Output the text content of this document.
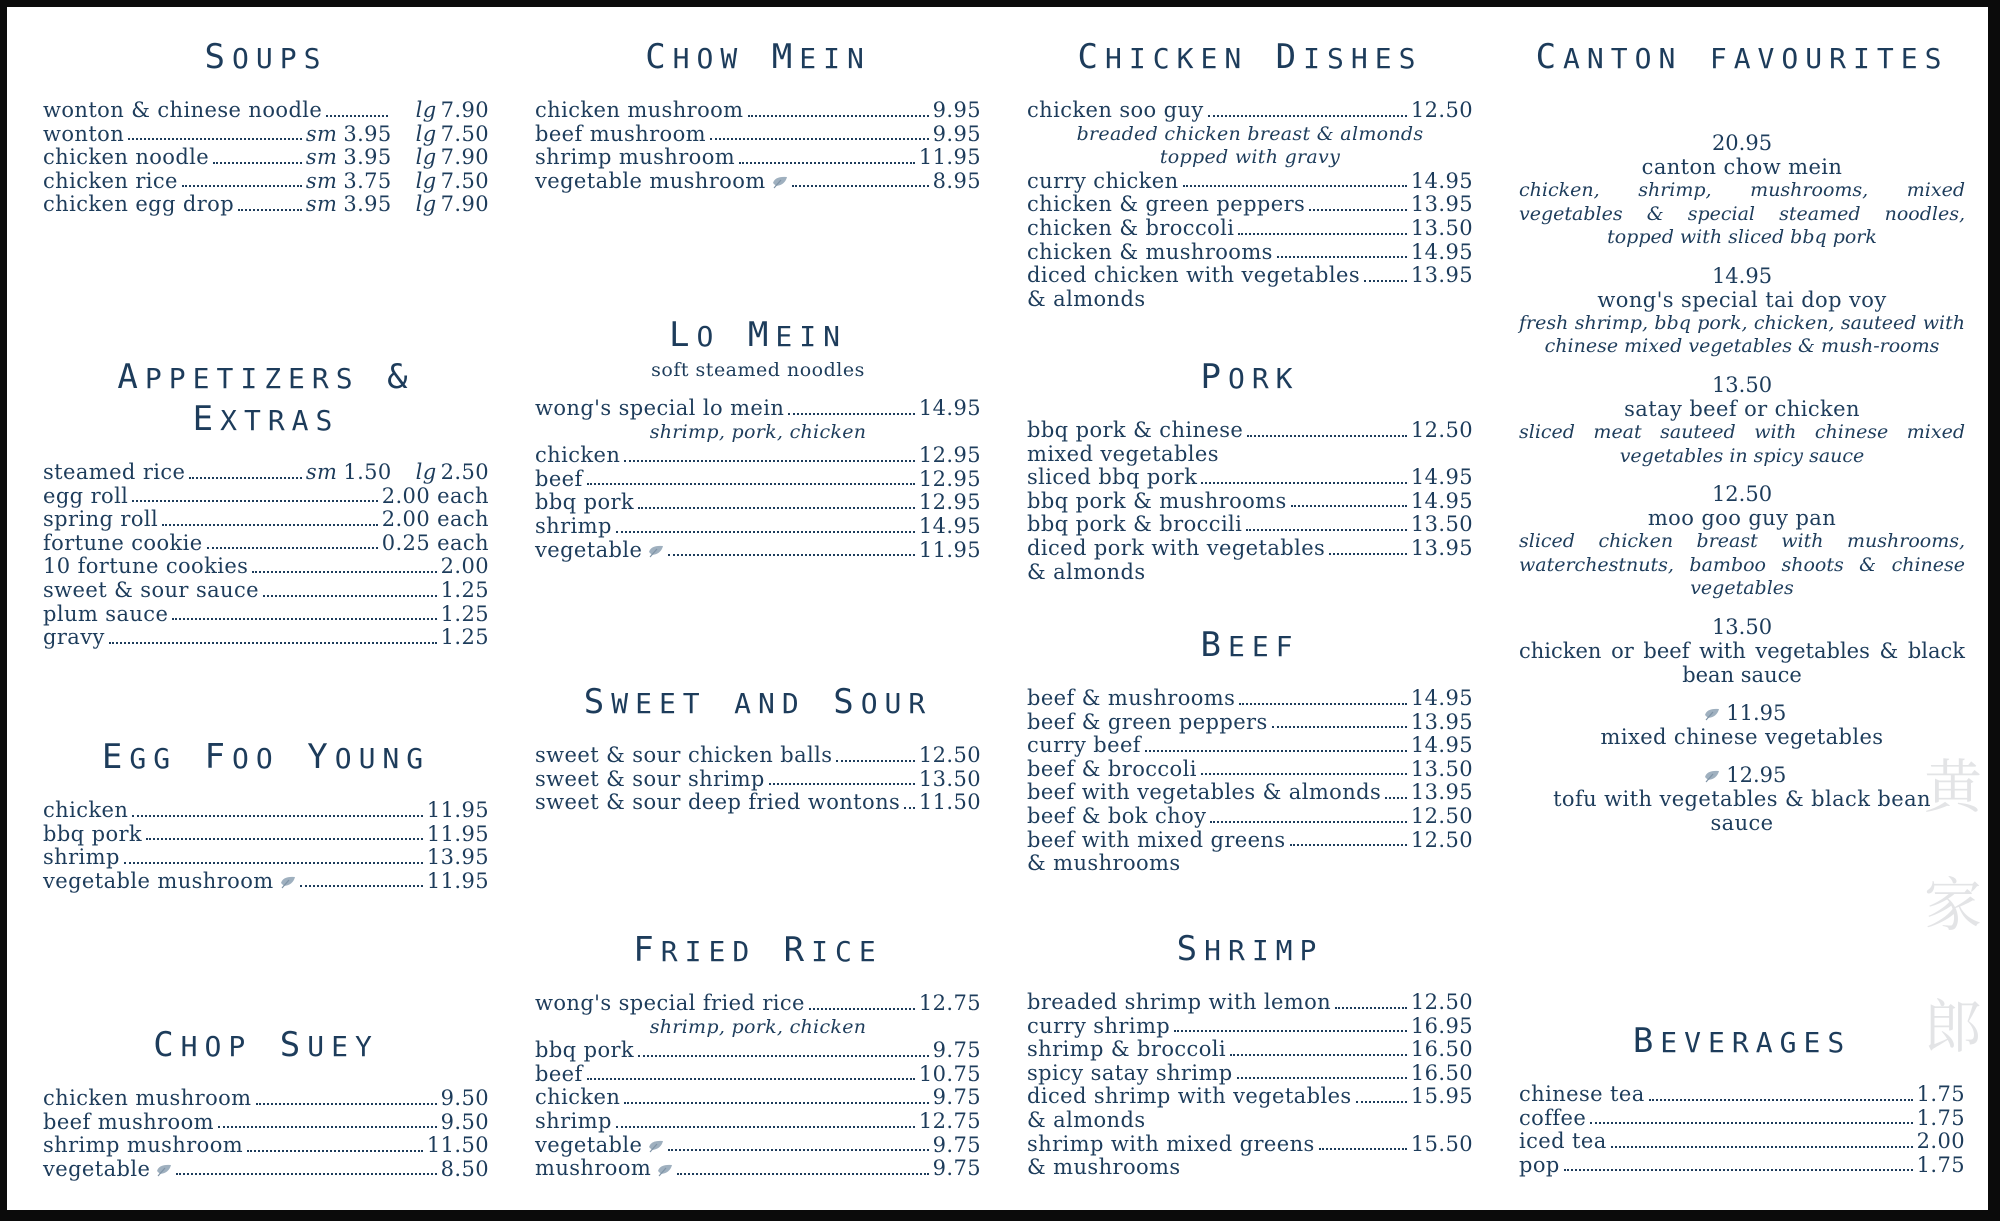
SOUPS
wonton & chinese noodle	lg 7.90
wonton	sm 3.95 lg 7.50
chicken noodle	sm 3.95 lg 7.90
chicken rice	sm 3.75 lg 7.50
chicken egg drop	sm 3.95 lg 7.90
APPETIZERS & EXTRAS
steamed rice	sm 1.50 lg 2.50
egg roll	2.00 each
spring roll	2.00 each
fortune cookie	0.25 each
10 fortune cookies	2.00
sweet & sour sauce	1.25
plum sauce	1.25
gravy	1.25
EGG FOO YOUNG
chicken	11.95
bbq pork	11.95
shrimp	13.95
vegetable mushroom	11.95
CHOP SUEY
chicken mushroom	9.50
beef mushroom	9.50
shrimp mushroom	11.50
vegetable	8.50
CHOW MEIN
chicken mushroom	9.95
beef mushroom	9.95
shrimp mushroom	11.95
vegetable mushroom	8.95
LO MEIN
soft steamed noodles
wong's special lo mein	14.95
shrimp, pork, chicken
chicken	12.95
beef	12.95
bbq pork	12.95
shrimp	14.95
vegetable	11.95
SWEET AND SOUR
sweet & sour chicken balls	12.50
sweet & sour shrimp	13.50
sweet & sour deep fried wontons 11.50
FRIED RICE
wong's special fried rice	12.75
shrimp, pork, chicken
bbq pork	9.75
beef	10.75
chicken	9.75
shrimp	12.75
vegetable	9.75
mushroom	9.75
CHICKEN DISHES
chicken soo guy	12.50
breaded chicken breast & almonds
topped with gravy
curry chicken	14.95
chicken & green peppers	13.95
chicken & broccoli	13.50
chicken & mushrooms	14.95
diced chicken with vegetables 13.95
& almonds
PORK
bbq pork & chinese	12.50
mixed vegetables
sliced bbq pork	14.95
bbq pork & mushrooms	14.95
bbq pork & broccili	13.50
diced pork with vegetables	13.95
& almonds
BEEF
beef & mushrooms	14.95
beef & green peppers	13.95
curry beef	14.95
beef & broccoli	13.50
beef with vegetables & almonds 13.95
beef & bok choy	12.50
beef with mixed greens	12.50
& mushrooms
SHRIMP
breaded shrimp with lemon	12.50
curry shrimp	16.95
shrimp & broccoli	16.50
spicy satay shrimp	16.50
diced shrimp with vegetables	15.95
& almonds
shrimp with mixed greens	15.50
& mushrooms
CANTON FAVOURITES
20.95
canton chow mein
chicken, shrimp, mushrooms, mixed vegetables & special steamed noodles, topped with sliced bbq pork
14.95
wong's special tai dop voy
fresh shrimp, bbq pork, chicken, sauteed with chinese mixed vegetables & mush-rooms
13.50
satay beef or chicken
sliced meat sauteed with chinese mixed vegetables in spicy sauce
12.50
moo goo guy pan
sliced chicken breast with mushrooms, waterchestnuts, bamboo shoots & chinese vegetables
13.50
chicken or beef with vegetables & black bean sauce
11.95
mixed chinese vegetables
12.95
tofu with vegetables & black bean sauce
BEVERAGES
chinese tea	1.75
coffee	1.75
iced tea	2.00
pop	1.75
黄
家
郎
